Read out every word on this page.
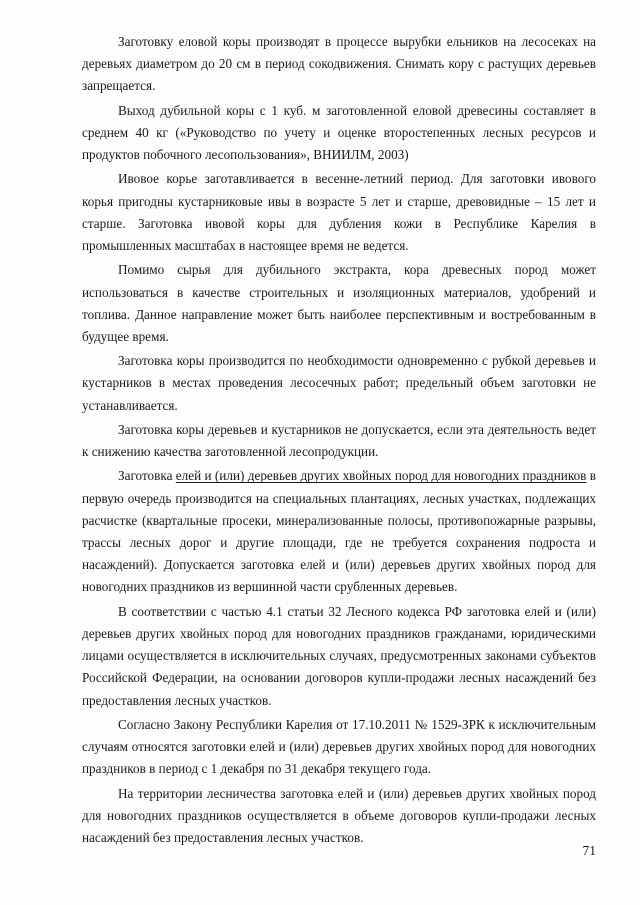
Заготовку еловой коры производят в процессе вырубки ельников на лесосеках на деревьях диаметром до 20 см в период сокодвижения. Снимать кору с растущих деревьев запрещается.

Выход дубильной коры с 1 куб. м заготовленной еловой древесины составляет в среднем 40 кг («Руководство по учету и оценке второстепенных лесных ресурсов и продуктов побочного лесопользования», ВНИИЛМ, 2003)

Ивовое корье заготавливается в весенне-летний период. Для заготовки ивового корья пригодны кустарниковые ивы в возрасте 5 лет и старше, древовидные – 15 лет и старше. Заготовка ивовой коры для дубления кожи в Республике Карелия в промышленных масштабах в настоящее время не ведется.

Помимо сырья для дубильного экстракта, кора древесных пород может использоваться в качестве строительных и изоляционных материалов, удобрений и топлива. Данное направление может быть наиболее перспективным и востребованным в будущее время.

Заготовка коры производится по необходимости одновременно с рубкой деревьев и кустарников в местах проведения лесосечных работ; предельный объем заготовки не устанавливается.

Заготовка коры деревьев и кустарников не допускается, если эта деятельность ведет к снижению качества заготовленной лесопродукции.

Заготовка елей и (или) деревьев других хвойных пород для новогодних праздников в первую очередь производится на специальных плантациях, лесных участках, подлежащих расчистке (квартальные просеки, минерализованные полосы, противопожарные разрывы, трассы лесных дорог и другие площади, где не требуется сохранения подроста и насаждений). Допускается заготовка елей и (или) деревьев других хвойных пород для новогодних праздников из вершинной части срубленных деревьев.

В соответствии с частью 4.1 статьи 32 Лесного кодекса РФ заготовка елей и (или) деревьев других хвойных пород для новогодних праздников гражданами, юридическими лицами осуществляется в исключительных случаях, предусмотренных законами субъектов Российской Федерации, на основании договоров купли-продажи лесных насаждений без предоставления лесных участков.

Согласно Закону Республики Карелия от 17.10.2011 № 1529-ЗРК к исключительным случаям относятся заготовки елей и (или) деревьев других хвойных пород для новогодних праздников в период с 1 декабря по 31 декабря текущего года.

На территории лесничества заготовка елей и (или) деревьев других хвойных пород для новогодних праздников осуществляется в объеме договоров купли-продажи лесных насаждений без предоставления лесных участков.

71
